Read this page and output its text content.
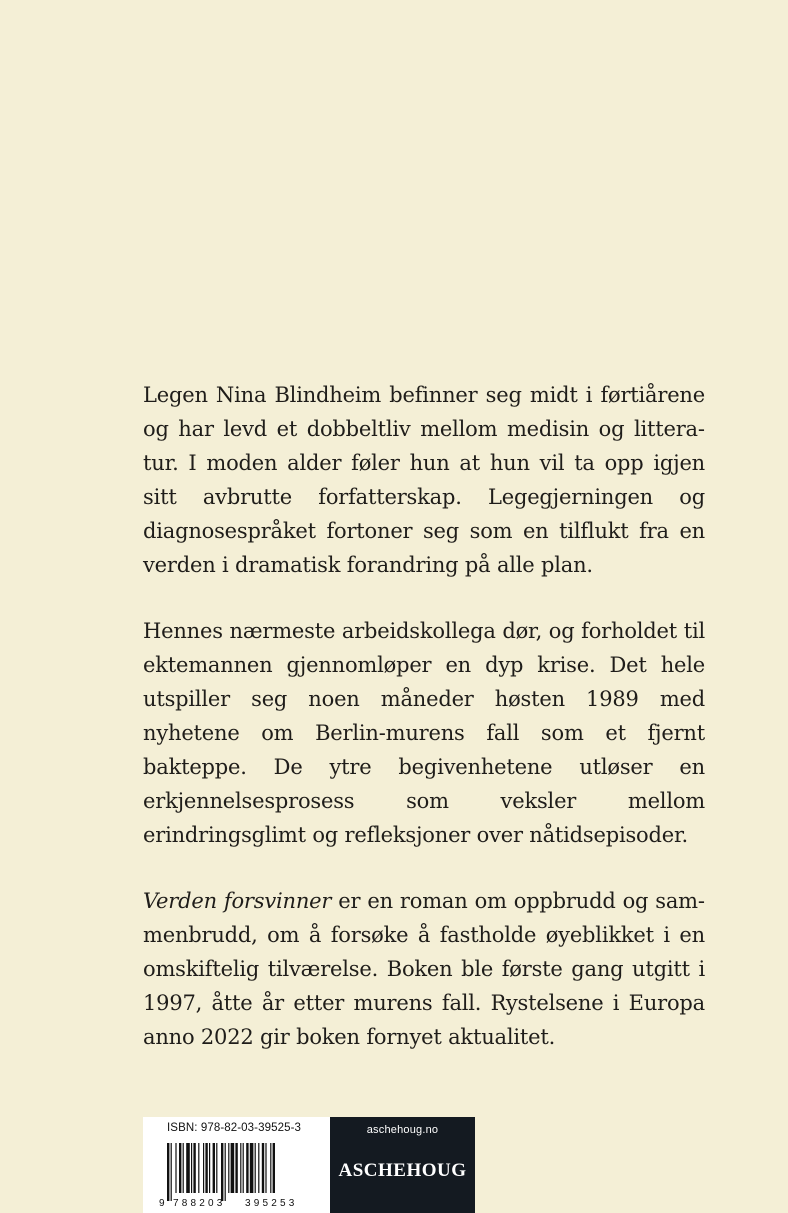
Legen Nina Blindheim befinner seg midt i førtiårene og har levd et dobbeltliv mellom medisin og litteratur. I moden alder føler hun at hun vil ta opp igjen sitt avbrutte forfatterskap. Legegjerningen og diagnosespråket fortoner seg som en tilflukt fra en verden i dramatisk forandring på alle plan.

Hennes nærmeste arbeidskollega dør, og forholdet til ektemannen gjennomløper en dyp krise. Det hele utspiller seg noen måneder høsten 1989 med nyhetene om Berlin-murens fall som et fjernt bakteppe. De ytre begivenhetene utløser en erkjennelsesprosess som veksler mellom erindringsglimt og refleksjoner over nåtidsepisoder.

Verden forsvinner er en roman om oppbrudd og sammenbrudd, om å forsøke å fastholde øyeblikket i en omskiftelig tilværelse. Boken ble første gang utgitt i 1997, åtte år etter murens fall. Rystelsene i Europa anno 2022 gir boken fornyet aktualitet.

ISBN: 978-82-03-39525-3
9 788203 395253
aschehoug.no
ASCHEHOUG
